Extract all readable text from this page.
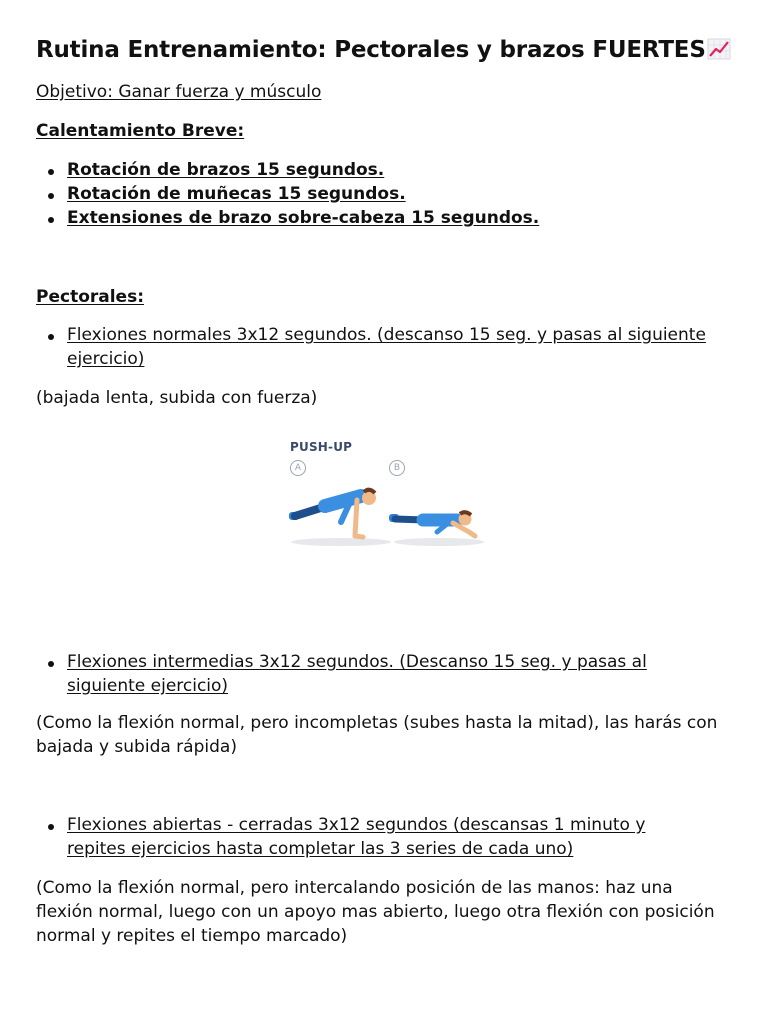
Rutina Entrenamiento: Pectorales y brazos FUERTES

Objetivo: Ganar fuerza y músculo

Calentamiento Breve:

Rotación de brazos 15 segundos.
Rotación de muñecas 15 segundos.
Extensiones de brazo sobre-cabeza 15 segundos.

Pectorales:

Flexiones normales 3x12 segundos. (descanso 15 seg. y pasas al siguiente ejercicio)

(bajada lenta, subida con fuerza)

PUSH-UP
A	B
Flexiones intermedias 3x12 segundos. (Descanso 15 seg. y pasas al siguiente ejercicio)

(Como la flexión normal, pero incompletas (subes hasta la mitad), las harás con bajada y subida rápida)

Flexiones abiertas - cerradas 3x12 segundos (descansas 1 minuto y repites ejercicios hasta completar las 3 series de cada uno)

(Como la flexión normal, pero intercalando posición de las manos: haz una flexión normal, luego con un apoyo mas abierto, luego otra flexión con posición normal y repites el tiempo marcado)
